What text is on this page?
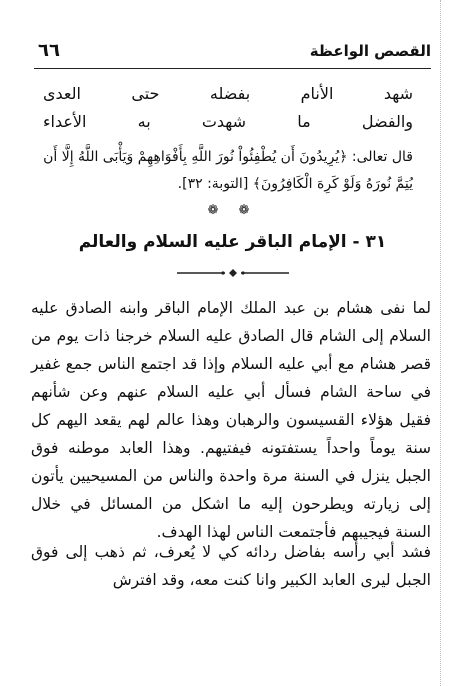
القصص الواعظة
٦٦
شهد الأنام بفضله حتى العدى
والفضل ما شهدت به الأعداء
قال تعالى: ﴿يُرِيدُونَ أَن يُطْفِئُواْ نُورَ اللَّهِ بِأَفْوَاهِهِمْ وَيَأْبَى اللَّهُ إِلَّا أَن يُتِمَّ نُورَهُ وَلَوْ كَرِهَ الْكَافِرُونَ﴾ [التوبة: ٣٢].
❁ ❁
٣١ - الإمام الباقر عليه السلام والعالم
لما نفى هشام بن عبد الملك الإمام الباقر وابنه الصادق عليه السلام إلى الشام قال الصادق عليه السلام خرجنا ذات يوم من قصر هشام مع أبي عليه السلام وإذا قد اجتمع الناس جمع غفير في ساحة الشام فسأل أبي عليه السلام عنهم وعن شأنهم فقيل هؤلاء القسيسون والرهبان وهذا عالم لهم يقعد اليهم كل سنة يوماً واحداً يستفتونه فيفتيهم. وهذا العابد موطنه فوق الجبل ينزل في السنة مرة واحدة والناس من المسيحيين يأتون إلى زيارته ويطرحون إليه ما اشكل من المسائل في خلال السنة فيجيبهم فأجتمعت الناس لهذا الهدف.
فشد أبي رأسه بفاضل ردائه كي لا يُعرف، ثم ذهب إلى فوق الجبل ليرى العابد الكبير وانا كنت معه، وقد افترش
